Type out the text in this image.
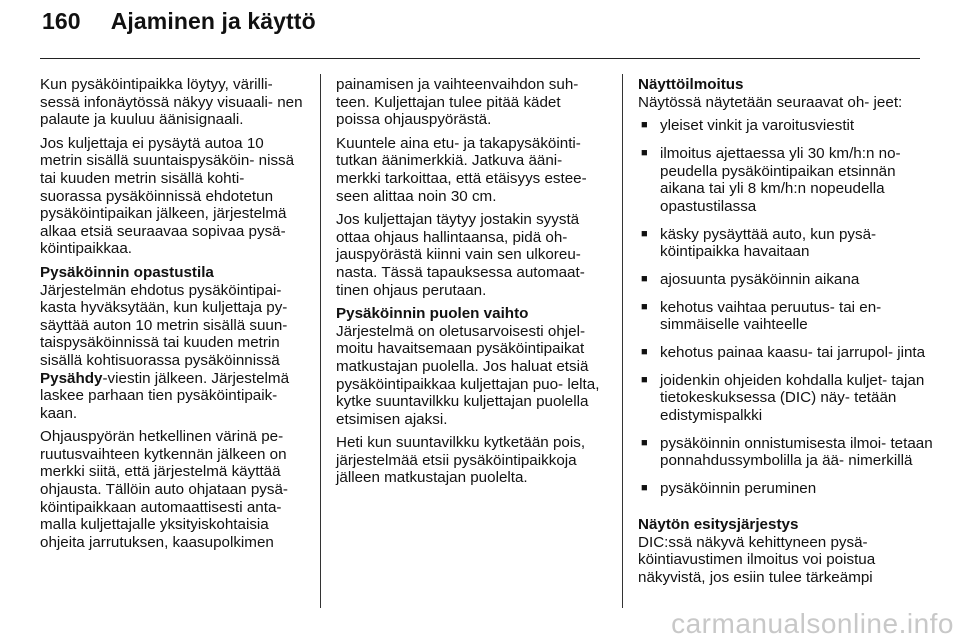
160 Ajaminen ja käyttö

Kun pysäköintipaikka löytyy, värilli- sessä infonäytössä näkyy visuaali- nen palaute ja kuuluu äänisignaali.

Jos kuljettaja ei pysäytä autoa 10 metrin sisällä suuntaispysäköin- nissä tai kuuden metrin sisällä kohti- suorassa pysäköinnissä ehdotetun pysäköintipaikan jälkeen, järjestelmä alkaa etsiä seuraavaa sopivaa pysä- köintipaikkaa.

Pysäköinnin opastustila

Järjestelmän ehdotus pysäköintipai- kasta hyväksytään, kun kuljettaja py- säyttää auton 10 metrin sisällä suun- taispysäköinnissä tai kuuden metrin sisällä kohtisuorassa pysäköinnissä Pysähdy-viestin jälkeen. Järjestelmä laskee parhaan tien pysäköintipaik- kaan.

Ohjauspyörän hetkellinen värinä pe- ruutusvaihteen kytkennän jälkeen on merkki siitä, että järjestelmä käyttää ohjausta. Tällöin auto ohjataan pysä- köintipaikkaan automaattisesti anta- malla kuljettajalle yksityiskohtaisia ohjeita jarrutuksen, kaasupolkimen

painamisen ja vaihteenvaihdon suh- teen. Kuljettajan tulee pitää kädet poissa ohjauspyörästä.

Kuuntele aina etu- ja takapysäköinti- tutkan äänimerkkiä. Jatkuva ääni- merkki tarkoittaa, että etäisyys estee- seen alittaa noin 30 cm.

Jos kuljettajan täytyy jostakin syystä ottaa ohjaus hallintaansa, pidä oh- jauspyörästä kiinni vain sen ulkoreu- nasta. Tässä tapauksessa automaat- tinen ohjaus perutaan.

Pysäköinnin puolen vaihto

Järjestelmä on oletusarvoisesti ohjel- moitu havaitsemaan pysäköintipaikat matkustajan puolella. Jos haluat etsiä pysäköintipaikkaa kuljettajan puo- lelta, kytke suuntavilkku kuljettajan puolella etsimisen ajaksi.

Heti kun suuntavilkku kytketään pois, järjestelmää etsii pysäköintipaikkoja jälleen matkustajan puolelta.

Näyttöilmoitus

Näytössä näytetään seuraavat oh- jeet:

■ yleiset vinkit ja varoitusviestit
■ ilmoitus ajettaessa yli 30 km/h:n no- peudella pysäköintipaikan etsinnän aikana tai yli 8 km/h:n nopeudella opastustilassa
■ käsky pysäyttää auto, kun pysä- köintipaikka havaitaan
■ ajosuunta pysäköinnin aikana
■ kehotus vaihtaa peruutus- tai en- simmäiselle vaihteelle
■ kehotus painaa kaasu- tai jarrupol- jinta
■ joidenkin ohjeiden kohdalla kuljet- tajan tietokeskuksessa (DIC) näy- tetään edistymispalkki
■ pysäköinnin onnistumisesta ilmoi- tetaan ponnahdussymbolilla ja ää- nimerkillä
■ pysäköinnin peruminen

Näytön esitysjärjestys

DIC:ssä näkyvä kehittyneen pysä- köintiavustimen ilmoitus voi poistua näkyvistä, jos esiin tulee tärkeämpi

carmanualsonline.info
